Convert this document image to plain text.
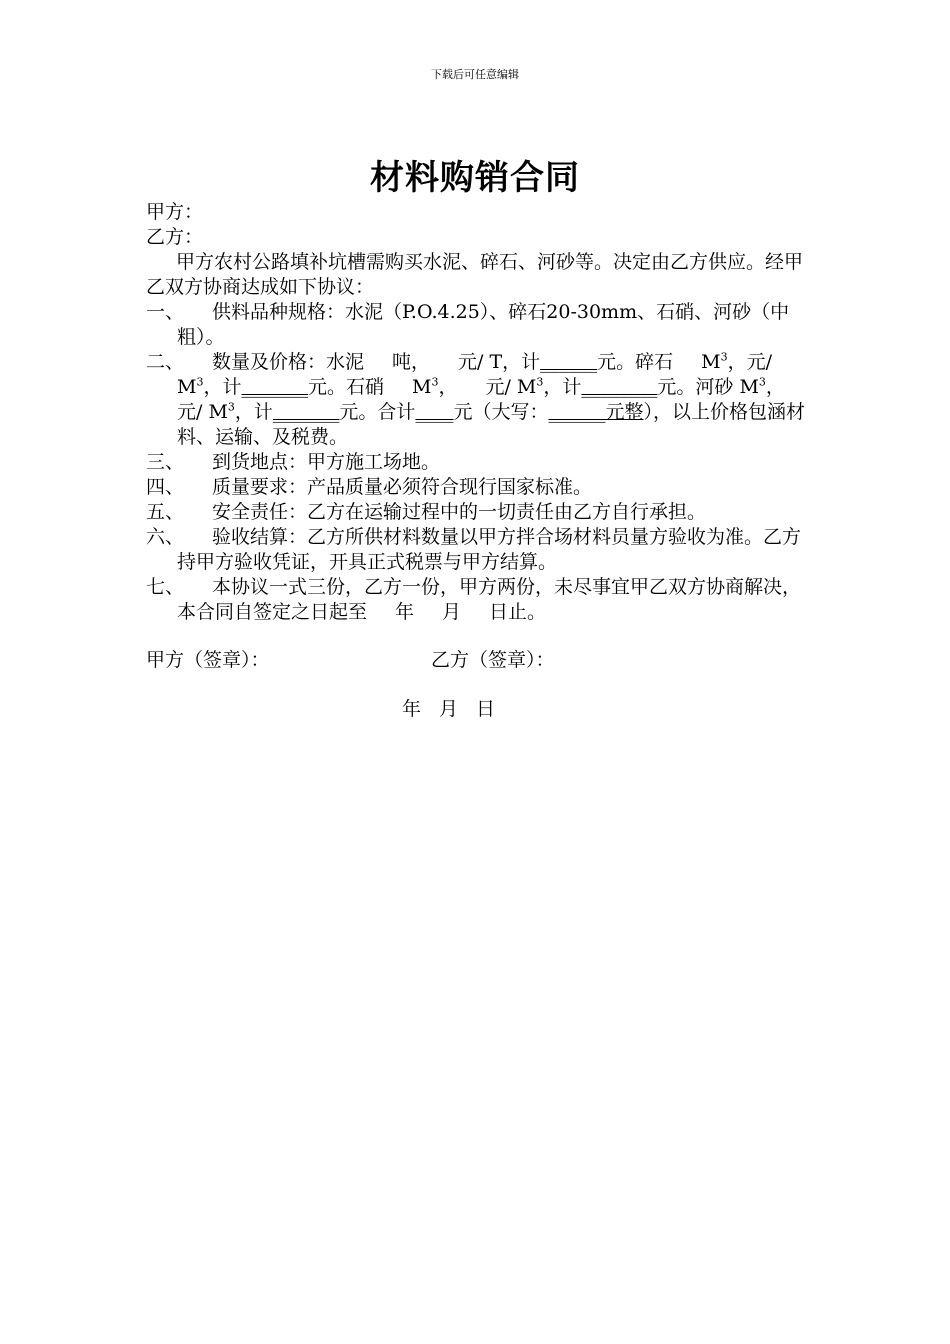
下载后可任意编辑
材料购销合同

甲方：

乙方：

甲方农村公路填补坑槽需购买水泥、碎石、河砂等。决定由乙方供应。经甲乙双方协商达成如下协议：

一、 供料品种规格：水泥（P.O.4.25）、碎石20-30mm、石硝、河砂（中粗）。

二、 数量及价格：水泥 吨， 元/ T，计______元。碎石 $M^3$，元/ $M^3$，计_______元。石硝 $M^3$， 元/ $M^3$，计________元。河砂 $M^3$，元/ $M^3$，计_______元。合计____元（大写：______元整），以上价格包涵材料、运输、及税费。

三、 到货地点：甲方施工场地。

四、 质量要求：产品质量必须符合现行国家标准。

五、 安全责任：乙方在运输过程中的一切责任由乙方自行承担。

六、 验收结算：乙方所供材料数量以甲方拌合场材料员量方验收为准。乙方持甲方验收凭证，开具正式税票与甲方结算。

七、 本协议一式三份，乙方一份，甲方两份，未尽事宜甲乙双方协商解决，本合同自签定之日起至 年 月 日止。

甲方（签章）：	乙方（签章）：
年 月 日
